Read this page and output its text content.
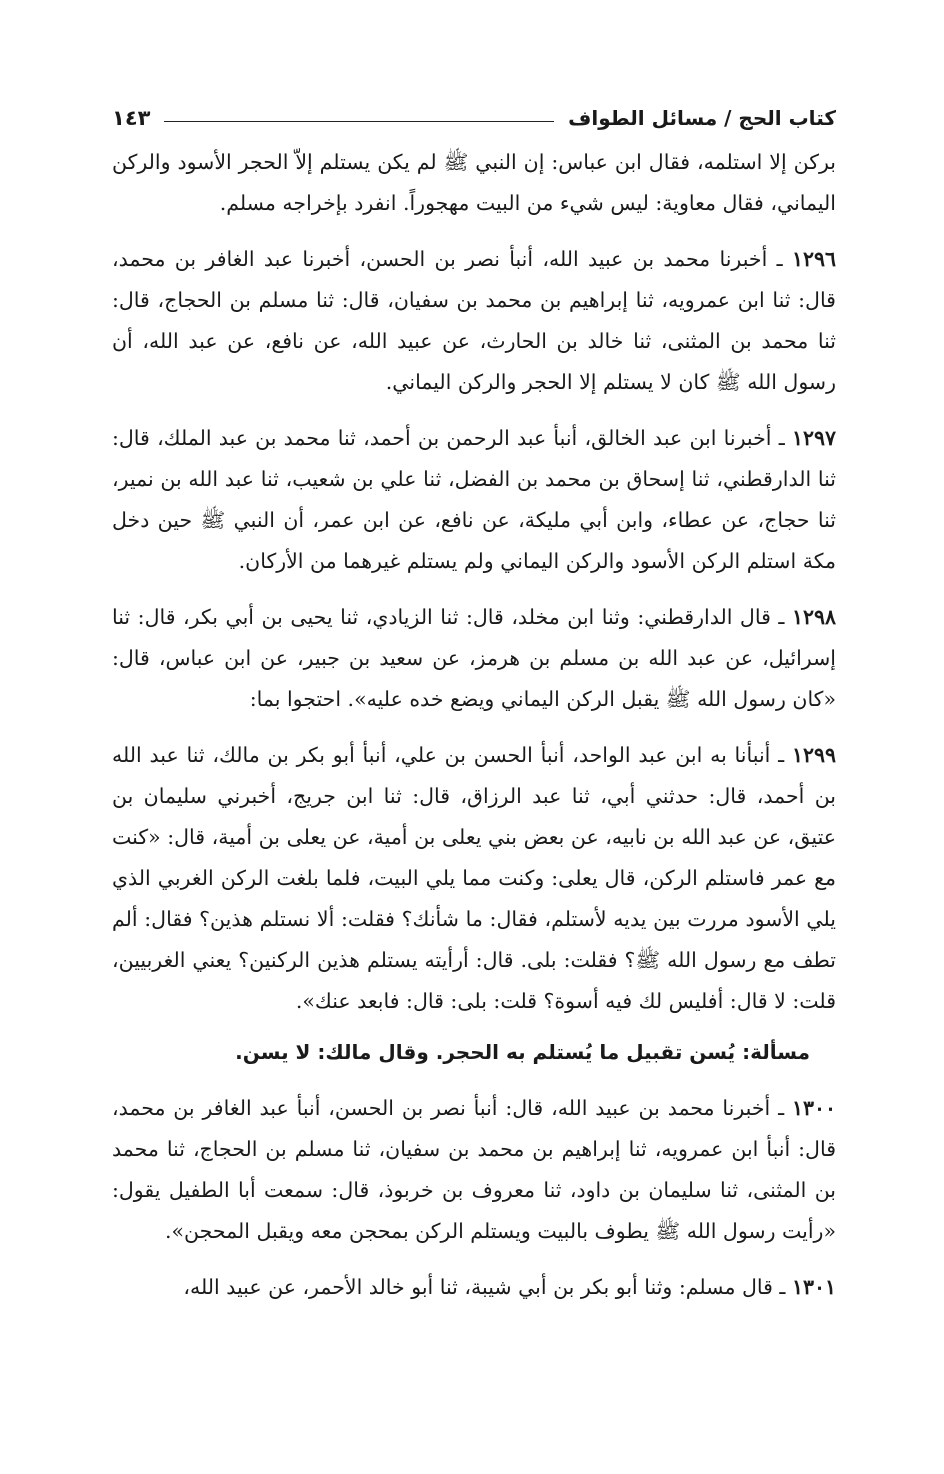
كتاب الحج / مسائل الطواف
١٤٣

بركن إلا استلمه، فقال ابن عباس: إن النبي ﷺ لم يكن يستلم إلاّ الحجر الأسود والركن اليماني، فقال معاوية: ليس شيء من البيت مهجوراً. انفرد بإخراجه مسلم.

١٢٩٦ ـ أخبرنا محمد بن عبيد الله، أنبأ نصر بن الحسن، أخبرنا عبد الغافر بن محمد، قال: ثنا ابن عمرويه، ثنا إبراهيم بن محمد بن سفيان، قال: ثنا مسلم بن الحجاج، قال: ثنا محمد بن المثنى، ثنا خالد بن الحارث، عن عبيد الله، عن نافع، عن عبد الله، أن رسول الله ﷺ كان لا يستلم إلا الحجر والركن اليماني.

١٢٩٧ ـ أخبرنا ابن عبد الخالق، أنبأ عبد الرحمن بن أحمد، ثنا محمد بن عبد الملك، قال: ثنا الدارقطني، ثنا إسحاق بن محمد بن الفضل، ثنا علي بن شعيب، ثنا عبد الله بن نمير، ثنا حجاج، عن عطاء، وابن أبي مليكة، عن نافع، عن ابن عمر، أن النبي ﷺ حين دخل مكة استلم الركن الأسود والركن اليماني ولم يستلم غيرهما من الأركان.

١٢٩٨ ـ قال الدارقطني: وثنا ابن مخلد، قال: ثنا الزيادي، ثنا يحيى بن أبي بكر، قال: ثنا إسرائيل، عن عبد الله بن مسلم بن هرمز، عن سعيد بن جبير، عن ابن عباس، قال: «كان رسول الله ﷺ يقبل الركن اليماني ويضع خده عليه». احتجوا بما:

١٢٩٩ ـ أنبأنا به ابن عبد الواحد، أنبأ الحسن بن علي، أنبأ أبو بكر بن مالك، ثنا عبد الله بن أحمد، قال: حدثني أبي، ثنا عبد الرزاق، قال: ثنا ابن جريج، أخبرني سليمان بن عتيق، عن عبد الله بن نابيه، عن بعض بني يعلى بن أمية، عن يعلى بن أمية، قال: «كنت مع عمر فاستلم الركن، قال يعلى: وكنت مما يلي البيت، فلما بلغت الركن الغربي الذي يلي الأسود مررت بين يديه لأستلم، فقال: ما شأنك؟ فقلت: ألا نستلم هذين؟ فقال: ألم تطف مع رسول الله ﷺ؟ فقلت: بلى. قال: أرأيته يستلم هذين الركنين؟ يعني الغربيين، قلت: لا قال: أفليس لك فيه أسوة؟ قلت: بلى: قال: فابعد عنك».

مسألة: يُسن تقبيل ما يُستلم به الحجر. وقال مالك: لا يسن.

١٣٠٠ ـ أخبرنا محمد بن عبيد الله، قال: أنبأ نصر بن الحسن، أنبأ عبد الغافر بن محمد، قال: أنبأ ابن عمرويه، ثنا إبراهيم بن محمد بن سفيان، ثنا مسلم بن الحجاج، ثنا محمد بن المثنى، ثنا سليمان بن داود، ثنا معروف بن خربوذ، قال: سمعت أبا الطفيل يقول: «رأيت رسول الله ﷺ يطوف بالبيت ويستلم الركن بمحجن معه ويقبل المحجن».

١٣٠١ ـ قال مسلم: وثنا أبو بكر بن أبي شيبة، ثنا أبو خالد الأحمر، عن عبيد الله،
